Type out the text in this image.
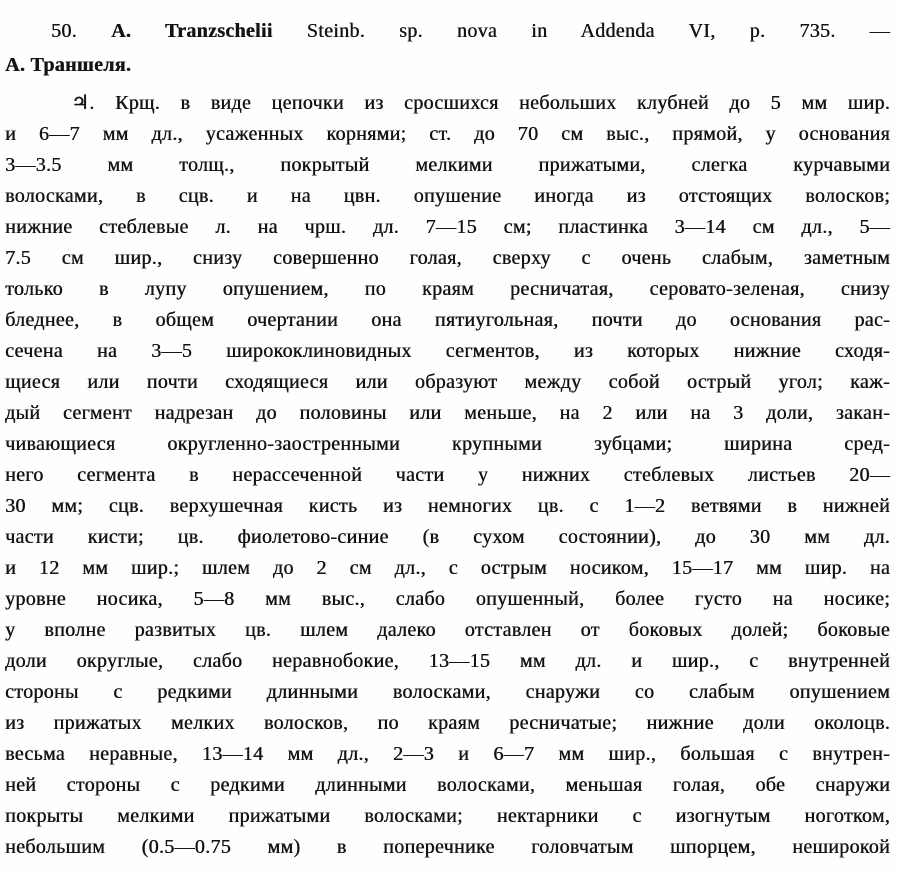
50. A. Tranzschelii Steinb. sp. nova in Addenda VI, p. 735. —
А. Траншеля.
♃. Крщ. в виде цепочки из сросшихся небольших клубней до 5 мм шир.
и 6—7 мм дл., усаженных корнями; ст. до 70 см выс., прямой, у основания
3—3.5 мм толщ., покрытый мелкими прижатыми, слегка курчавыми
волосками, в сцв. и на цвн. опушение иногда из отстоящих волосков;
нижние стеблевые л. на чрш. дл. 7—15 см; пластинка 3—14 см дл., 5—
7.5 см шир., снизу совершенно голая, сверху с очень слабым, заметным
только в лупу опушением, по краям ресничатая, серовато-зеленая, снизу
бледнее, в общем очертании она пятиугольная, почти до основания рас-
сечена на 3—5 ширококлиновидных сегментов, из которых нижние сходя-
щиеся или почти сходящиеся или образуют между собой острый угол; каж-
дый сегмент надрезан до половины или меньше, на 2 или на 3 доли, закан-
чивающиеся округленно-заостренными крупными зубцами; ширина сред-
него сегмента в нерассеченной части у нижних стеблевых листьев 20—
30 мм; сцв. верхушечная кисть из немногих цв. с 1—2 ветвями в нижней
части кисти; цв. фиолетово-синие (в сухом состоянии), до 30 мм дл.
и 12 мм шир.; шлем до 2 см дл., с острым носиком, 15—17 мм шир. на
уровне носика, 5—8 мм выс., слабо опушенный, более густо на носике;
у вполне развитых цв. шлем далеко отставлен от боковых долей; боковые
доли округлые, слабо неравнобокие, 13—15 мм дл. и шир., с внутренней
стороны с редкими длинными волосками, снаружи со слабым опушением
из прижатых мелких волосков, по краям ресничатые; нижние доли околоцв.
весьма неравные, 13—14 мм дл., 2—3 и 6—7 мм шир., большая с внутрен-
ней стороны с редкими длинными волосками, меньшая голая, обе снаружи
покрыты мелкими прижатыми волосками; нектарники с изогнутым ноготком,
небольшим (0.5—0.75 мм) в поперечнике головчатым шпорцем, неширокой
